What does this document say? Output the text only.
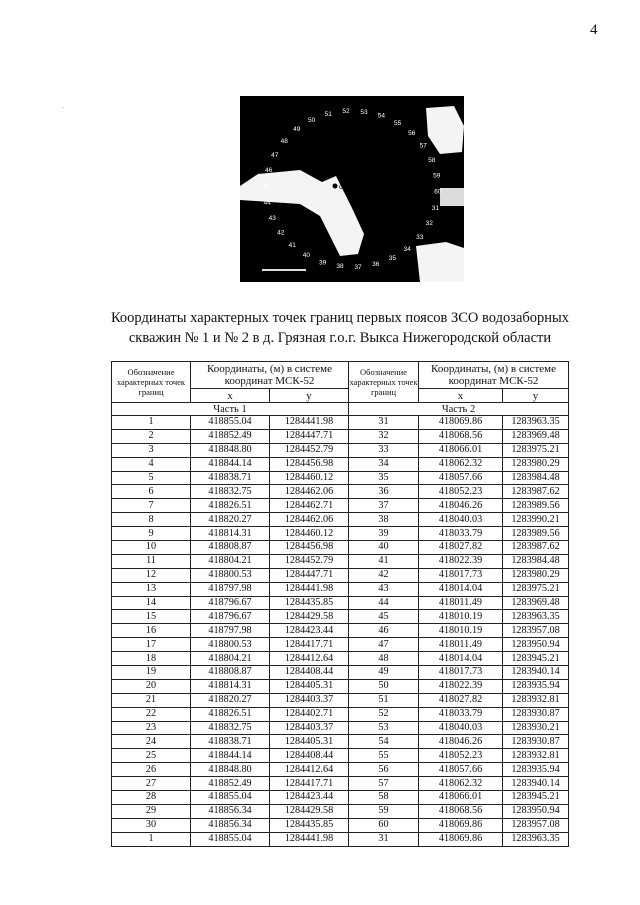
4
·
скв.2
50
51 52 53
54
55
56
57
58
59
60
31
32
33
34
35
36
37
38
39
40
41
42
43
44
45
46
47
48
49
Координаты характерных точек границ первых поясов ЗСО водозаборных
скважин № 1 и № 2 в д. Грязная г.о.г. Выкса Нижегородской области
Обозначение характерных точек границ	Координаты, (м) в системе координат МСК-52		Обозначение характерных точек границ	Координаты, (м) в системе координат МСК-52	
	x	y		x	y
Часть 1			Часть 2		
1	418855.04	1284441.98	31	418069.86	1283963.35
2	418852.49	1284447.71	32	418068.56	1283969.48
3	418848.80	1284452.79	33	418066.01	1283975.21
4	418844.14	1284456.98	34	418062.32	1283980.29
5	418838.71	1284460.12	35	418057.66	1283984.48
6	418832.75	1284462.06	36	418052.23	1283987.62
7	418826.51	1284462.71	37	418046.26	1283989.56
8	418820.27	1284462.06	38	418040.03	1283990.21
9	418814.31	1284460.12	39	418033.79	1283989.56
10	418808.87	1284456.98	40	418027.82	1283987.62
11	418804.21	1284452.79	41	418022.39	1283984.48
12	418800.53	1284447.71	42	418017.73	1283980.29
13	418797.98	1284441.98	43	418014.04	1283975.21
14	418796.67	1284435.85	44	418011.49	1283969.48
15	418796.67	1284429.58	45	418010.19	1283963.35
16	418797.98	1284423.44	46	418010.19	1283957.08
17	418800.53	1284417.71	47	418011.49	1283950.94
18	418804.21	1284412.64	48	418014.04	1283945.21
19	418808.87	1284408.44	49	418017.73	1283940.14
20	418814.31	1284405.31	50	418022.39	1283935.94
21	418820.27	1284403.37	51	418027.82	1283932.81
22	418826.51	1284402.71	52	418033.79	1283930.87
23	418832.75	1284403.37	53	418040.03	1283930.21
24	418838.71	1284405.31	54	418046.26	1283930.87
25	418844.14	1284408.44	55	418052.23	1283932.81
26	418848.80	1284412.64	56	418057.66	1283935.94
27	418852.49	1284417.71	57	418062.32	1283940.14
28	418855.04	1284423.44	58	418066.01	1283945.21
29	418856.34	1284429.58	59	418068.56	1283950.94
30	418856.34	1284435.85	60	418069.86	1283957.08
1	418855.04	1284441.98	31	418069.86	1283963.35
